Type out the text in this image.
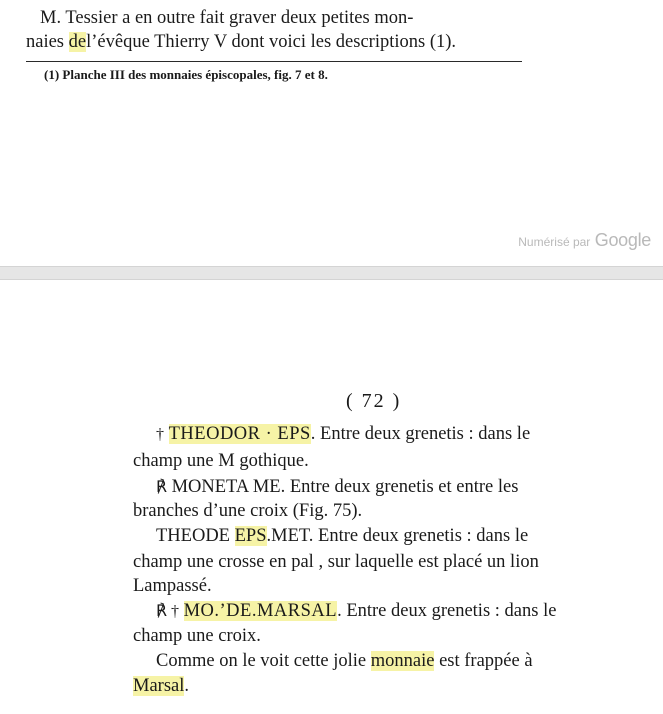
M. Tessier a en outre fait graver deux petites mon-
naies del’évêque Thierry V dont voici les descriptions (1).
(1) Planche III des monnaies épiscopales, fig. 7 et 8.
Numérisé par Google
( 72 )
† THEODOR · EPS. Entre deux grenetis : dans le
champ une M gothique.
℟ MONETA ME. Entre deux grenetis et entre les
branches d’une croix (Fig. 75).
THEODE EPS.MET. Entre deux grenetis : dans le
champ une crosse en pal , sur laquelle est placé un lion
Lampassé.
℟ † MO.’DE.MARSAL. Entre deux grenetis : dans le
champ une croix.
Comme on le voit cette jolie monnaie est frappée à
Marsal.
